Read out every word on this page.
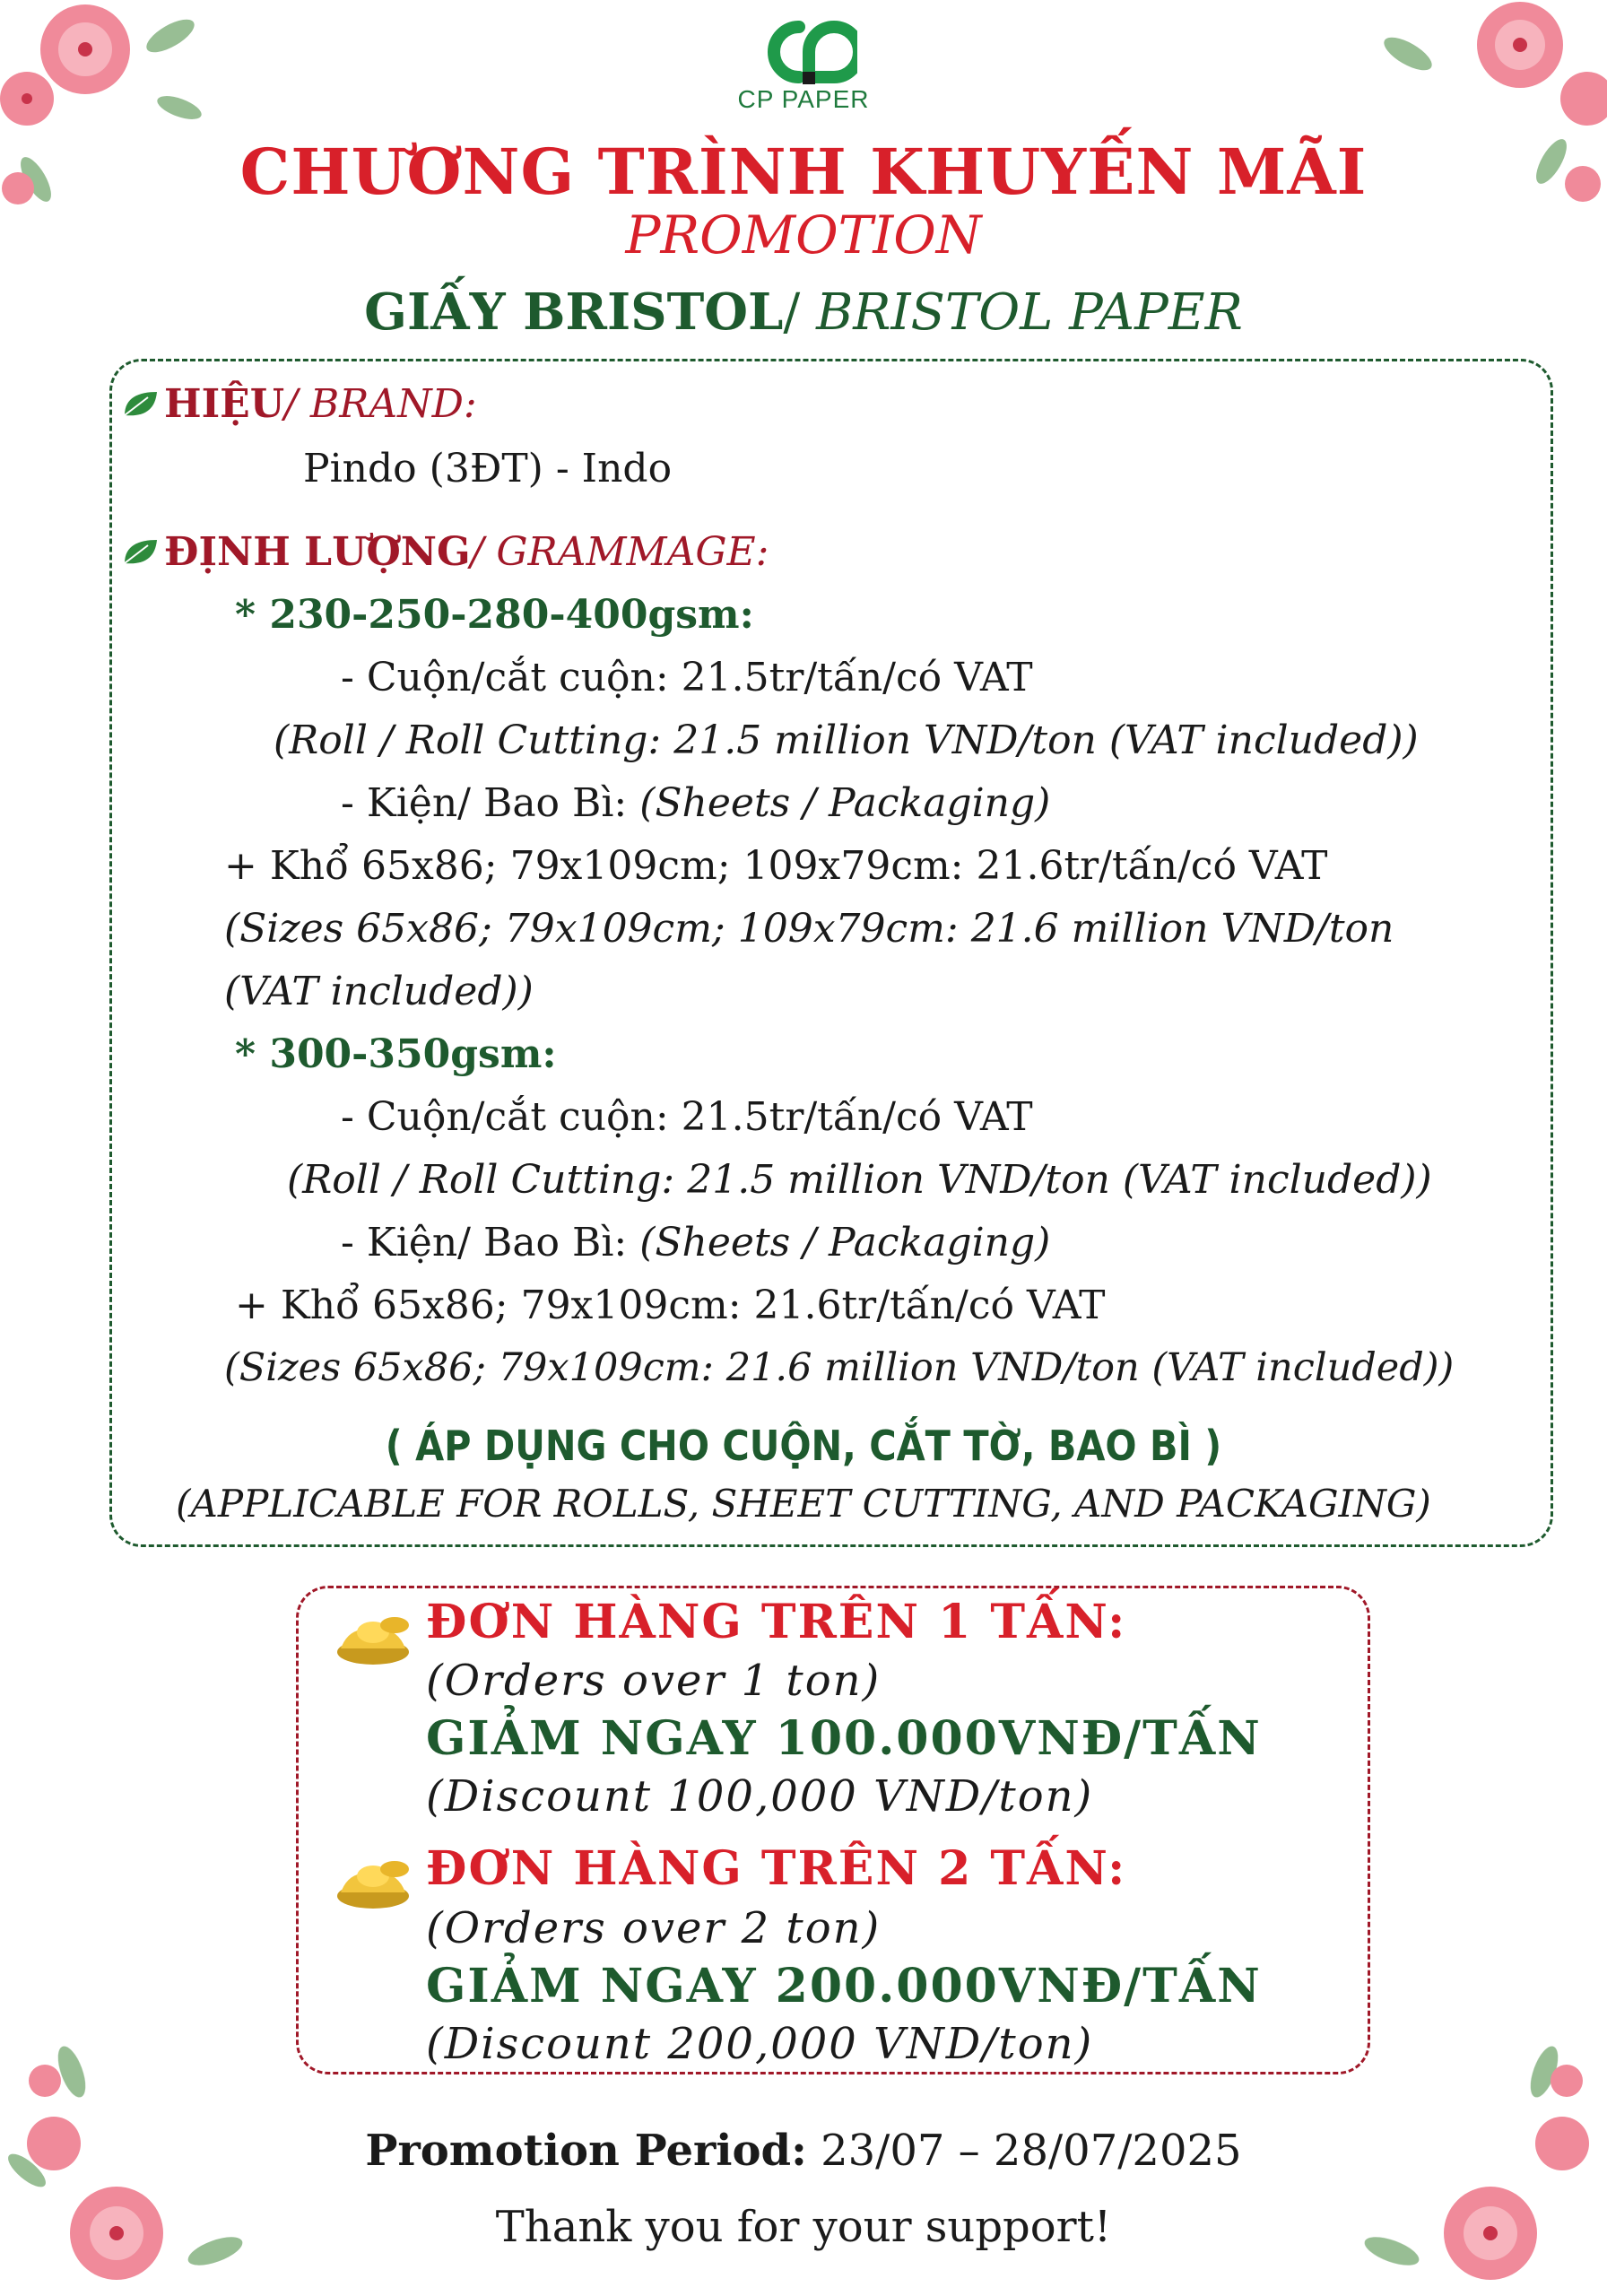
CP PAPER
CHƯƠNG TRÌNH KHUYẾN MÃI
PROMOTION
GIẤY BRISTOL/ BRISTOL PAPER
HIỆU/ BRAND:
Pindo (3ĐT) - Indo
ĐỊNH LƯỢNG/ GRAMMAGE:
* 230-250-280-400gsm:
- Cuộn/cắt cuộn: 21.5tr/tấn/có VAT
(Roll / Roll Cutting: 21.5 million VND/ton (VAT included))
- Kiện/ Bao Bì: (Sheets / Packaging)
+ Khổ 65x86; 79x109cm; 109x79cm: 21.6tr/tấn/có VAT
(Sizes 65x86; 79x109cm; 109x79cm: 21.6 million VND/ton
(VAT included))
* 300-350gsm:
- Cuộn/cắt cuộn: 21.5tr/tấn/có VAT
(Roll / Roll Cutting: 21.5 million VND/ton (VAT included))
- Kiện/ Bao Bì: (Sheets / Packaging)
+ Khổ 65x86; 79x109cm: 21.6tr/tấn/có VAT
(Sizes 65x86; 79x109cm: 21.6 million VND/ton (VAT included))
( ÁP DỤNG CHO CUỘN, CẮT TỜ, BAO BÌ )
(APPLICABLE FOR ROLLS, SHEET CUTTING, AND PACKAGING)
ĐƠN HÀNG TRÊN 1 TẤN:
(Orders over 1 ton)
GIẢM NGAY 100.000VNĐ/TẤN
(Discount 100,000 VND/ton)
ĐƠN HÀNG TRÊN 2 TẤN:
(Orders over 2 ton)
GIẢM NGAY 200.000VNĐ/TẤN
(Discount 200,000 VND/ton)
Promotion Period: 23/07 – 28/07/2025
Thank you for your support!
